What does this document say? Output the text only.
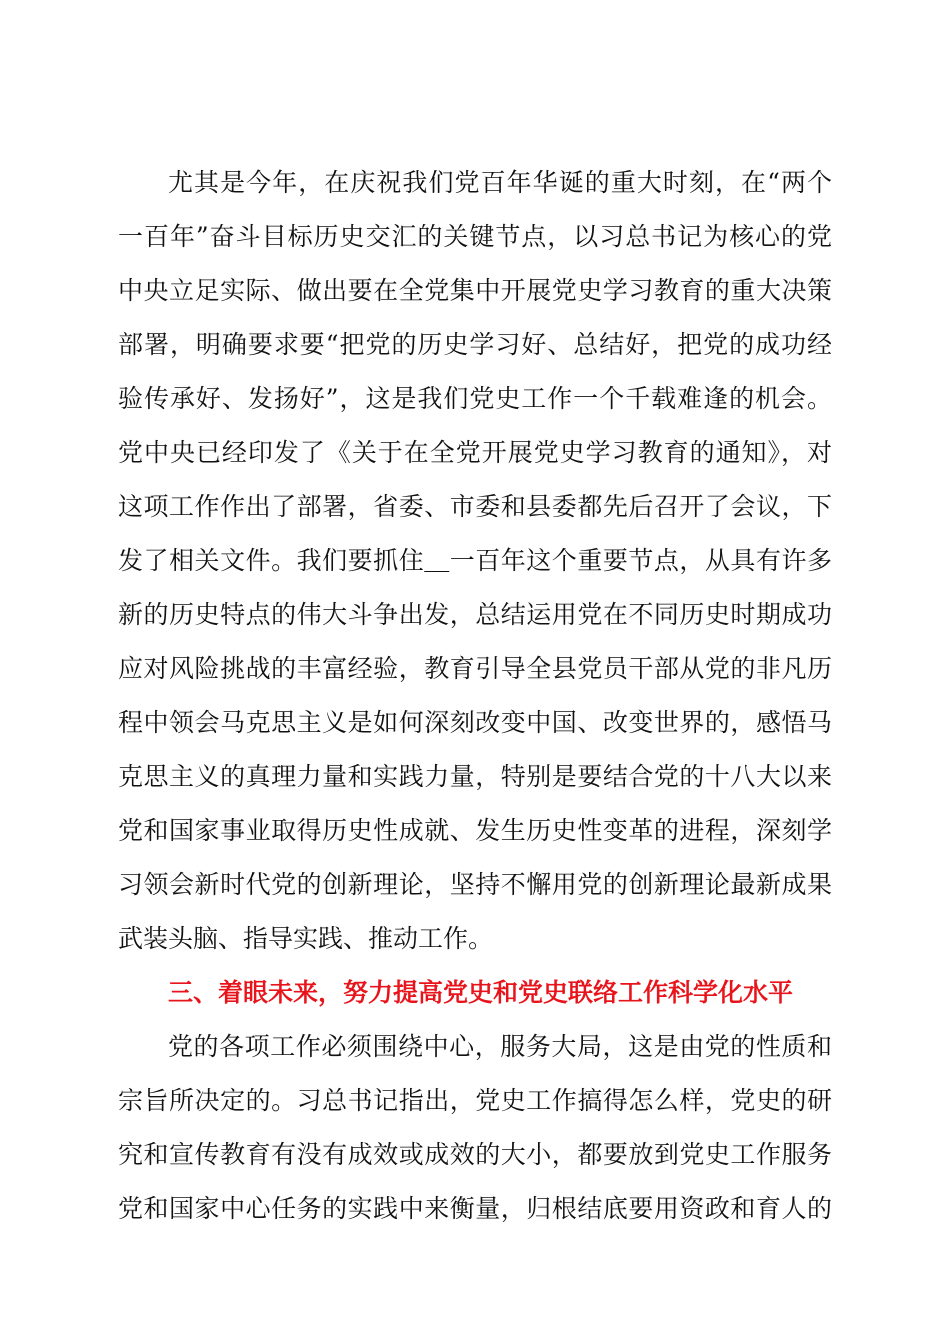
尤其是今年，在庆祝我们党百年华诞的重大时刻，在“两个
一百年”奋斗目标历史交汇的关键节点，以习总书记为核心的党
中央立足实际、做出要在全党集中开展党史学习教育的重大决策
部署，明确要求要“把党的历史学习好、总结好，把党的成功经
验传承好、发扬好”，这是我们党史工作一个千载难逢的机会。
党中央已经印发了《关于在全党开展党史学习教育的通知》，对
这项工作作出了部署，省委、市委和县委都先后召开了会议，下
发了相关文件。我们要抓住＿一百年这个重要节点，从具有许多
新的历史特点的伟大斗争出发，总结运用党在不同历史时期成功
应对风险挑战的丰富经验，教育引导全县党员干部从党的非凡历
程中领会马克思主义是如何深刻改变中国、改变世界的，感悟马
克思主义的真理力量和实践力量，特别是要结合党的十八大以来
党和国家事业取得历史性成就、发生历史性变革的进程，深刻学
习领会新时代党的创新理论，坚持不懈用党的创新理论最新成果
武装头脑、指导实践、推动工作。
三、着眼未来，努力提高党史和党史联络工作科学化水平
党的各项工作必须围绕中心，服务大局，这是由党的性质和
宗旨所决定的。习总书记指出，党史工作搞得怎么样，党史的研
究和宣传教育有没有成效或成效的大小，都要放到党史工作服务
党和国家中心任务的实践中来衡量，归根结底要用资政和育人的
